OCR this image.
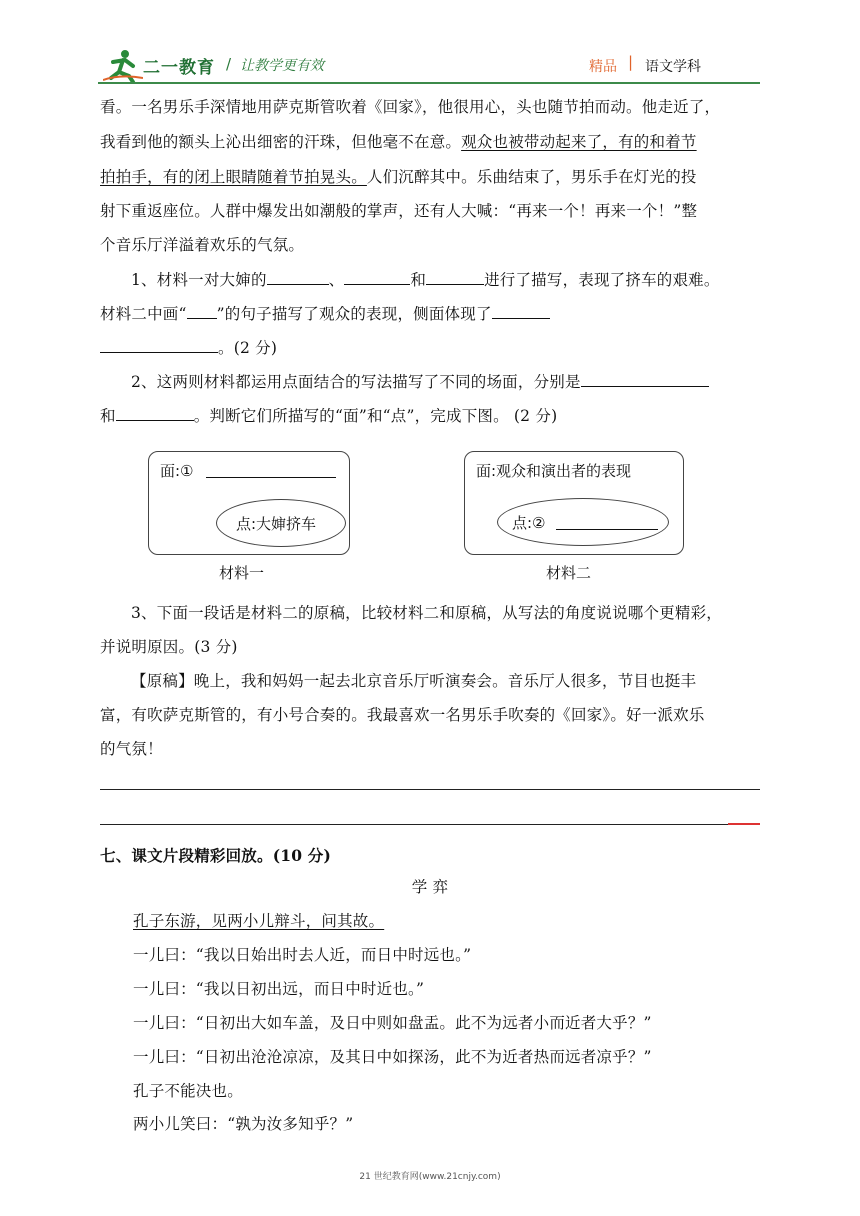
二一教育 / 让教学更有效	精品 | 语文学科
看。一名男乐手深情地用萨克斯管吹着《回家》，他很用心，头也随节拍而动。他走近了，
我看到他的额头上沁出细密的汗珠，但他毫不在意。观众也被带动起来了，有的和着节
拍拍手，有的闭上眼睛随着节拍晃头。人们沉醉其中。乐曲结束了，男乐手在灯光的投
射下重返座位。人群中爆发出如潮般的掌声，还有人大喊：“再来一个！再来一个！”整
个音乐厅洋溢着欢乐的气氛。
1、材料一对大婶的	、	和	进行了描写，表现了挤车的艰难。
材料二中画“ ”的句子描写了观众的表现，侧面体现了
。(2 分)
2、这两则材料都运用点面结合的写法描写了不同的场面，分别是
和	。判断它们所描写的“面”和“点”，完成下图。 (2 分)
面:①
点:大婶挤车
材料一
面:观众和演出者的表现
点:②
材料二
3、下面一段话是材料二的原稿，比较材料二和原稿，从写法的角度说说哪个更精彩，
并说明原因。(3 分)
【原稿】晚上，我和妈妈一起去北京音乐厅听演奏会。音乐厅人很多，节目也挺丰
富，有吹萨克斯管的，有小号合奏的。我最喜欢一名男乐手吹奏的《回家》。好一派欢乐
的气氛！
七、课文片段精彩回放。(10 分)
学 弈
孔子东游，见两小儿辩斗，问其故。
一儿曰：“我以日始出时去人近，而日中时远也。”
一儿曰：“我以日初出远，而日中时近也。”
一儿曰：“日初出大如车盖，及日中则如盘盂。此不为远者小而近者大乎？”
一儿曰：“日初出沧沧凉凉，及其日中如探汤，此不为近者热而远者凉乎？”
孔子不能决也。
两小儿笑曰：“孰为汝多知乎？”
21 世纪教育网(www.21cnjy.com)
